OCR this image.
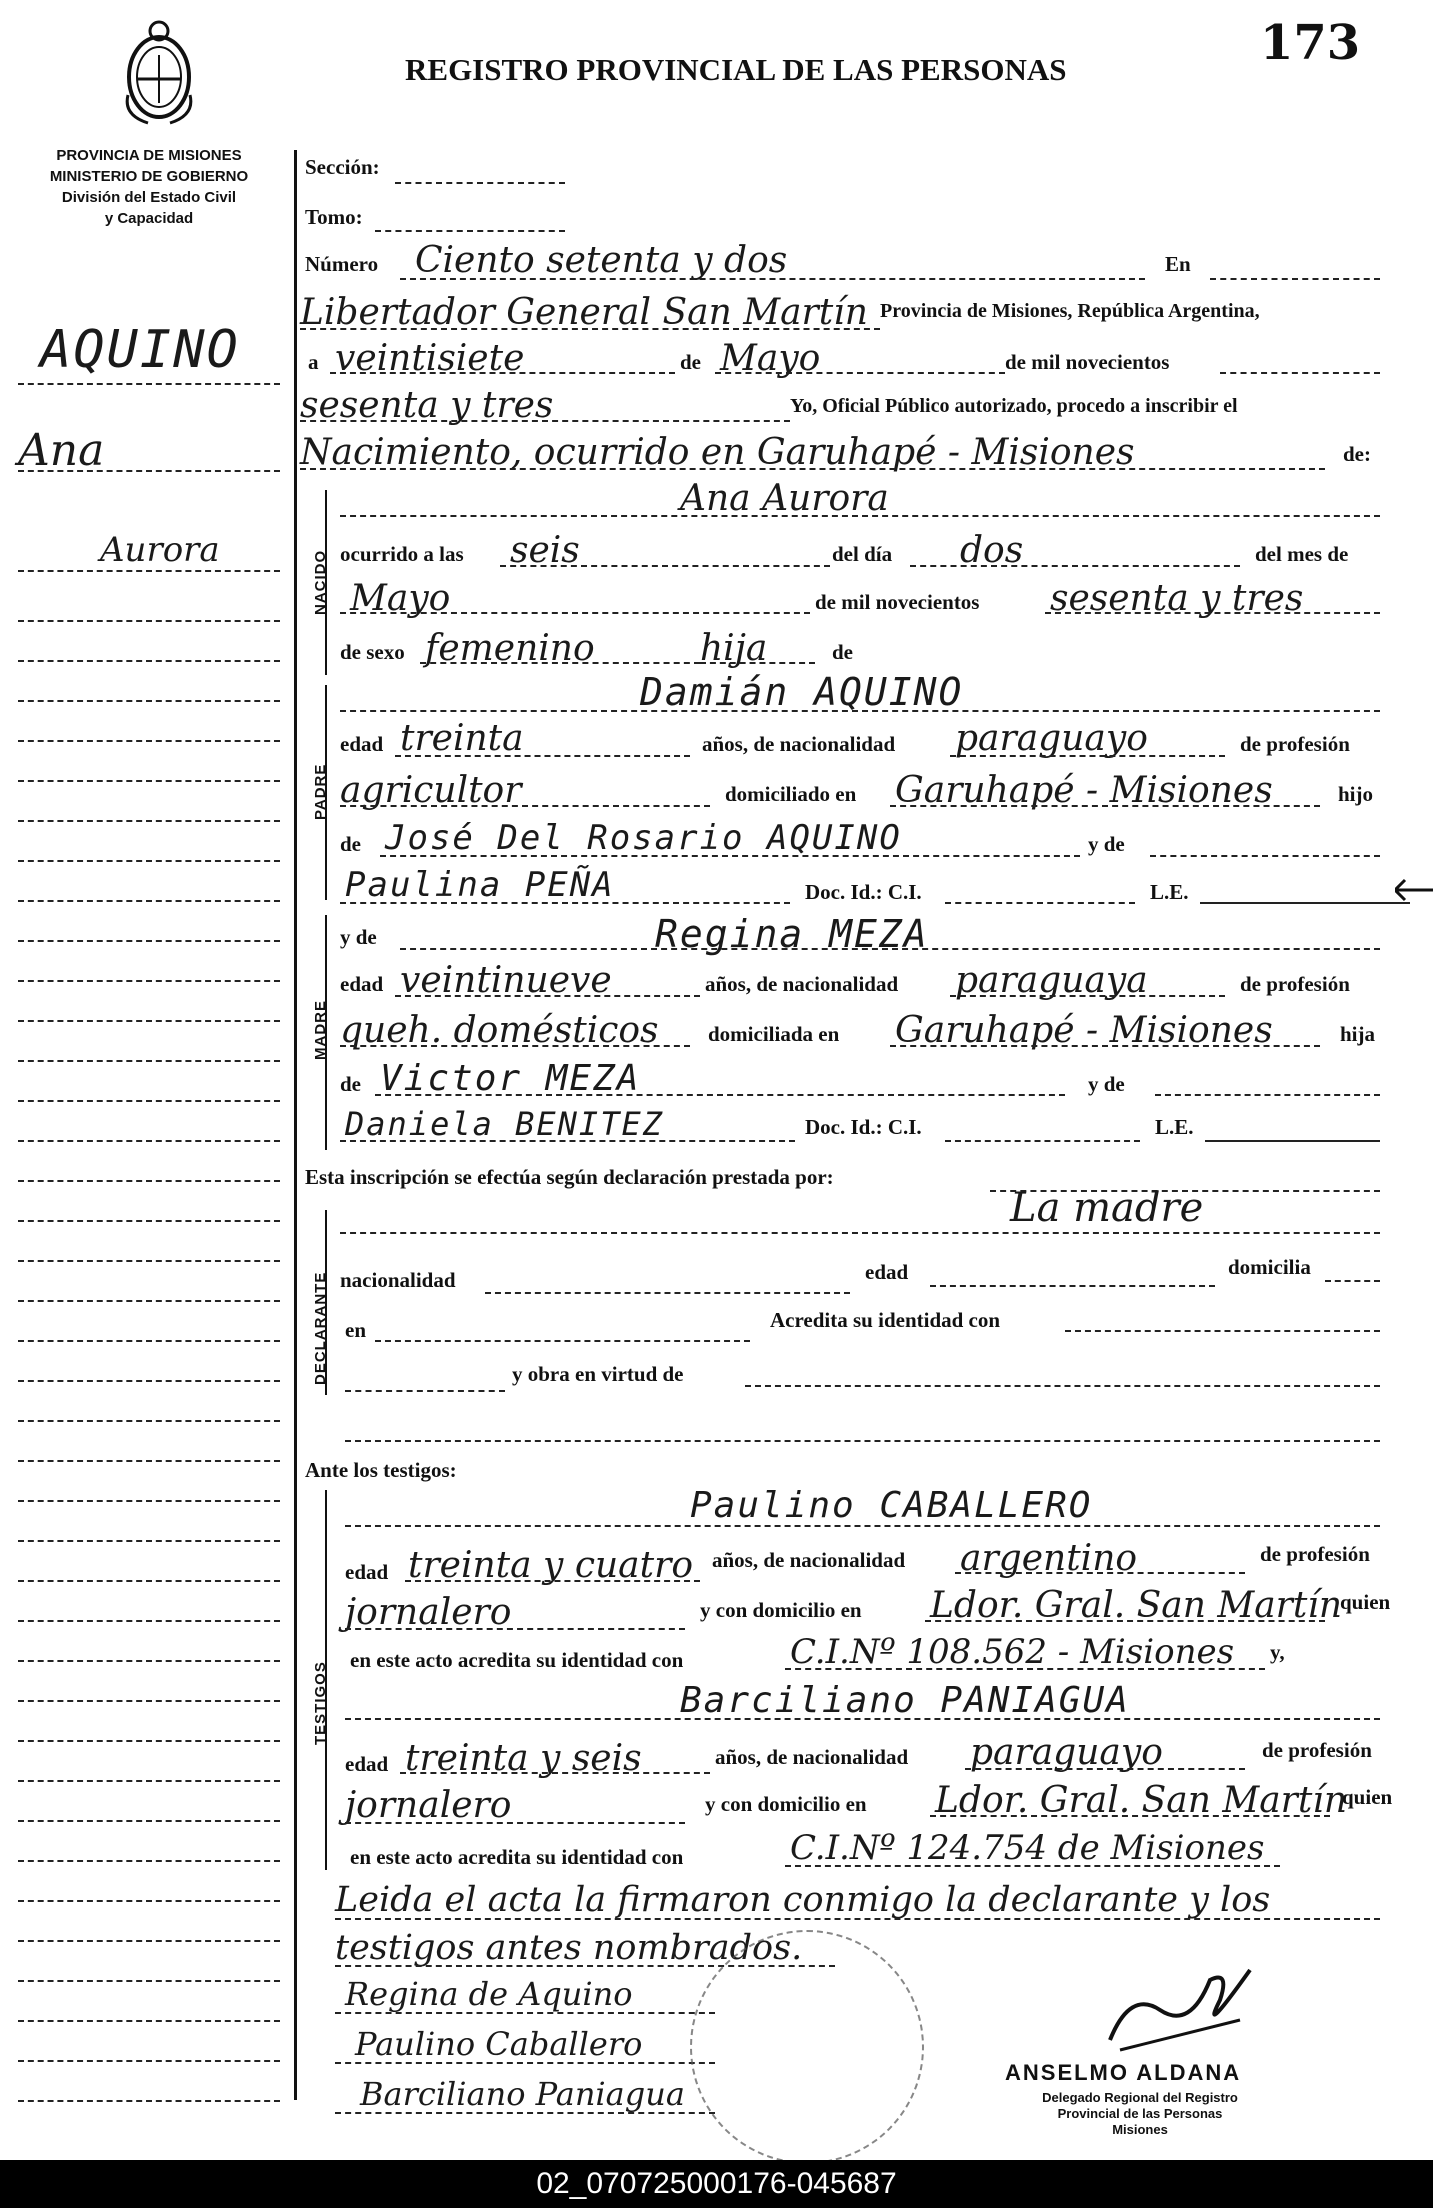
REGISTRO PROVINCIAL DE LAS PERSONAS	173
PROVINCIA DE MISIONES
MINISTERIO DE GOBIERNO
División del Estado Civil
y Capacidad
AQUINO
Ana
Aurora
Sección:
Tomo:
Número Ciento setenta y dos	En
Libertador General San Martín Provincia de Misiones, República Argentina,
a veintisiete	de Mayo	de mil novecientos
sesenta y tres	Yo, Oficial Público autorizado, procedo a inscribir el
Nacimiento, ocurrido en Garuhapé - Misiones	de:
NACIDO
Ana Aurora
ocurrido a las seis	del día dos	del mes de
Mayo	de mil novecientos sesenta y tres
de sexo femenino	hija	de
PADRE
Damián AQUINO
edad treinta	años, de nacionalidad paraguayo	de profesión
agricultor	domiciliado en Garuhapé - Misiones	hijo
de José Del Rosario AQUINO	y de
Paulina PEÑA	Doc. Id.: C.I.	L.E.
MADRE
y de	Regina MEZA
edad veintinueve	años, de nacionalidad paraguaya	de profesión
queh. domésticos domiciliada en Garuhapé - Misiones	hija
de Victor MEZA	y de
Daniela BENITEZ	Doc. Id.: C.I.	L.E.
Esta inscripción se efectúa según declaración prestada por:
DECLARANTE
La madre
nacionalidad	edad	domicilia
en	Acredita su identidad con
y obra en virtud de
Ante los testigos:
TESTIGOS
Paulino CABALLERO
edad treinta y cuatro años, de nacionalidad argentino	de profesión
jornalero	y con domicilio en Ldor. Gral. San Martín
quien
en este acto acredita su identidad con	C.I.Nº 108.562 - Misiones y,
Barciliano PANIAGUA
edad treinta y seis	años, de nacionalidad paraguayo	de profesión
jornalero	y con domicilio en Ldor. Gral. San Martín
quien
en este acto acredita su identidad con	C.I.Nº 124.754 de Misiones
Leida el acta la firmaron conmigo la declarante y los
testigos antes nombrados.
Regina de Aquino
Paulino Caballero
Barciliano Paniagua
ANSELMO ALDANA
Delegado Regional del Registro
Provincial de las Personas
Misiones
02_070725000176-045687
